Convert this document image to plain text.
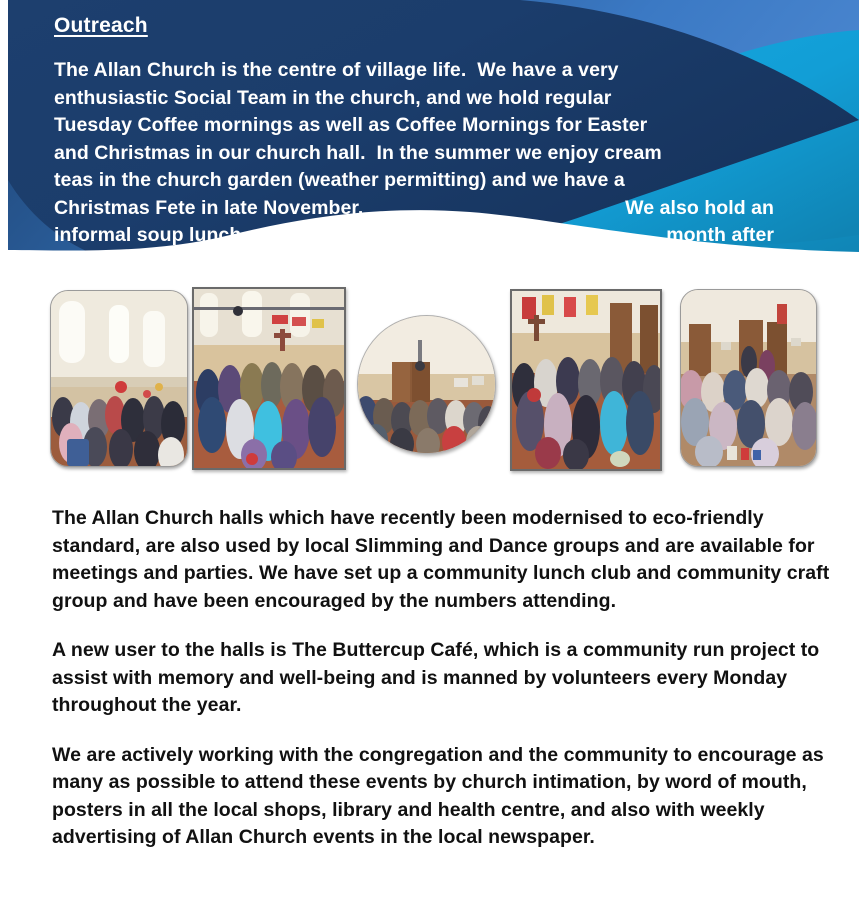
Outreach
The Allan Church is the centre of village life.  We have a very
enthusiastic Social Team in the church, and we hold regular
Tuesday Coffee mornings as well as Coffee Mornings for Easter
and Christmas in our church hall.  In the summer we enjoy cream
teas in the church garden (weather permitting) and we have a
Christmas Fete in late November.	We also hold an
informal soup lunch once a	month after
Sunday worship.

The Allan Church halls which have recently been modernised to eco-friendly standard, are also used by local Slimming and Dance groups and are available for meetings and parties. We have set up a community lunch club and community craft group and have been encouraged by the numbers attending.

A new user to the halls is The Buttercup Café, which is a community run project to assist with memory and well-being and is manned by volunteers every Monday throughout the year.

We are actively working with the congregation and the community to encourage as many as possible to attend these events by church intimation, by word of mouth, posters in all the local shops, library and health centre, and also with weekly advertising of Allan Church events in the local newspaper.
